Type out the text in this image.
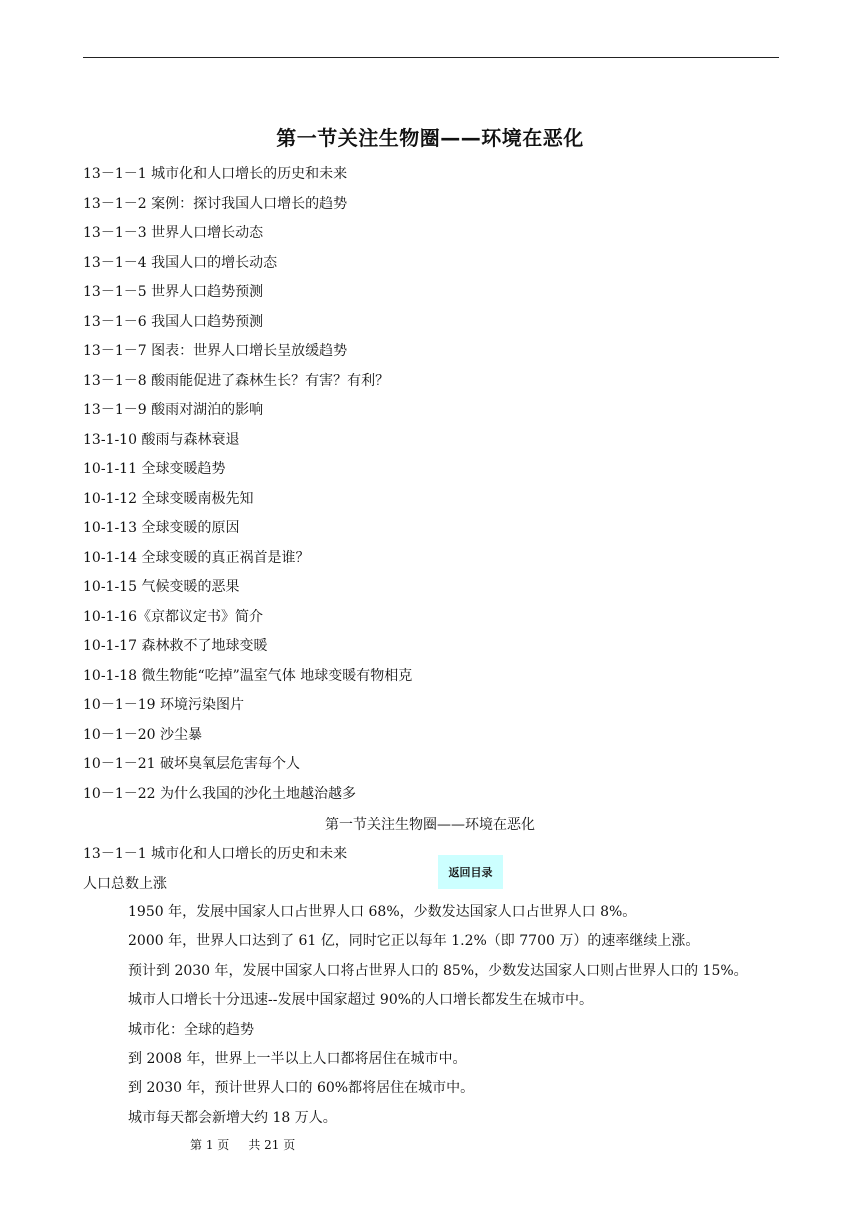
第一节关注生物圈——环境在恶化
13－1－1 城市化和人口增长的历史和未来
13－1－2 案例：探讨我国人口增长的趋势
13－1－3 世界人口增长动态
13－1－4 我国人口的增长动态
13－1－5 世界人口趋势预测
13－1－6 我国人口趋势预测
13－1－7 图表：世界人口增长呈放缓趋势
13－1－8 酸雨能促进了森林生长？有害？有利？
13－1－9 酸雨对湖泊的影响
13-1-10 酸雨与森林衰退
10-1-11 全球变暖趋势
10-1-12 全球变暖南极先知
10-1-13 全球变暖的原因
10-1-14 全球变暖的真正祸首是谁？
10-1-15 气候变暖的恶果
10-1-16《京都议定书》简介
10-1-17 森林救不了地球变暖
10-1-18 微生物能“吃掉”温室气体 地球变暖有物相克
10－1－19 环境污染图片
10－1－20 沙尘暴
10－1－21 破坏臭氧层危害每个人
10－1－22 为什么我国的沙化土地越治越多
第一节关注生物圈——环境在恶化
13－1－1 城市化和人口增长的历史和未来
返回目录
人口总数上涨
1950 年，发展中国家人口占世界人口 68%，少数发达国家人口占世界人口 8%。
2000 年，世界人口达到了 61 亿，同时它正以每年 1.2%（即 7700 万）的速率继续上涨。
预计到 2030 年，发展中国家人口将占世界人口的 85%，少数发达国家人口则占世界人口的 15%。
城市人口增长十分迅速--发展中国家超过 90%的人口增长都发生在城市中。
城市化：全球的趋势
到 2008 年，世界上一半以上人口都将居住在城市中。
到 2030 年，预计世界人口的 60%都将居住在城市中。
城市每天都会新增大约 18 万人。
第 1 页     共 21 页
